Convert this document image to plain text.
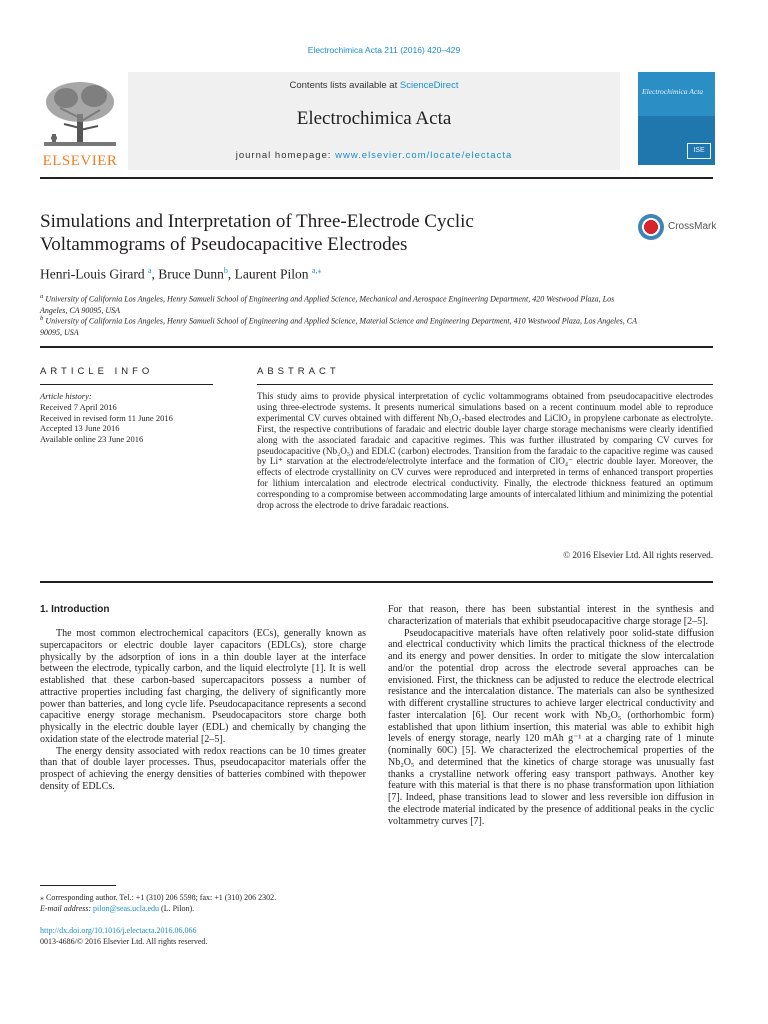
Electrochimica Acta 211 (2016) 420–429
ELSEVIER
Contents lists available at ScienceDirect
Electrochimica Acta
journal homepage: www.elsevier.com/locate/electacta
Electrochimica Acta
ISE
Simulations and Interpretation of Three-Electrode Cyclic Voltammograms of Pseudocapacitive Electrodes
CrossMark
Henri-Louis Girard $^a$, Bruce Dunn$^b$, Laurent Pilon $^{a,⁎}$
$^a$ University of California Los Angeles, Henry Samueli School of Engineering and Applied Science, Mechanical and Aerospace Engineering Department, 420 Westwood Plaza, Los Angeles, CA 90095, USA
$^b$ University of California Los Angeles, Henry Samueli School of Engineering and Applied Science, Material Science and Engineering Department, 410 Westwood Plaza, Los Angeles, CA 90095, USA
ARTICLE INFO	ABSTRACT
Article history:
Received 7 April 2016
Received in revised form 11 June 2016
Accepted 13 June 2016
Available online 23 June 2016
This study aims to provide physical interpretation of cyclic voltammograms obtained from pseudocapacitive electrodes using three-electrode systems. It presents numerical simulations based on a recent continuum model able to reproduce experimental CV curves obtained with different Nb₂O₅-based electrodes and LiClO₄ in propylene carbonate as electrolyte. First, the respective contributions of faradaic and electric double layer charge storage mechanisms were clearly identified along with the associated faradaic and capacitive regimes. This was further illustrated by comparing CV curves for pseudocapacitive (Nb₂O₅) and EDLC (carbon) electrodes. Transition from the faradaic to the capacitive regime was caused by Li⁺ starvation at the electrode/electrolyte interface and the formation of ClO₄⁻ electric double layer. Moreover, the effects of electrode crystallinity on CV curves were reproduced and interpreted in terms of enhanced transport properties for lithium intercalation and electrode electrical conductivity. Finally, the electrode thickness featured an optimum corresponding to a compromise between accommodating large amounts of intercalated lithium and minimizing the potential drop across the electrode to drive faradaic reactions.
© 2016 Elsevier Ltd. All rights reserved.
1. Introduction

The most common electrochemical capacitors (ECs), generally known as supercapacitors or electric double layer capacitors (EDLCs), store charge physically by the adsorption of ions in a thin double layer at the interface between the electrode, typically carbon, and the liquid electrolyte [1]. It is well established that these carbon-based supercapacitors possess a number of attractive properties including fast charging, the delivery of significantly more power than batteries, and long cycle life. Pseudocapacitance represents a second capacitive energy storage mechanism. Pseudocapacitors store charge both physically in the electric double layer (EDL) and chemically by changing the oxidation state of the electrode material [2–5].

The energy density associated with redox reactions can be 10 times greater than that of double layer processes. Thus, pseudocapacitor materials offer the prospect of achieving the energy densities of batteries combined with thepower density of EDLCs.

For that reason, there has been substantial interest in the synthesis and characterization of materials that exhibit pseudocapacitive charge storage [2–5].

Pseudocapacitive materials have often relatively poor solid-state diffusion and electrical conductivity which limits the practical thickness of the electrode and its energy and power densities. In order to mitigate the slow intercalation and/or the potential drop across the electrode several approaches can be envisioned. First, the thickness can be adjusted to reduce the electrode electrical resistance and the intercalation distance. The materials can also be synthesized with different crystalline structures to achieve larger electrical conductivity and faster intercalation [6]. Our recent work with Nb₂O₅ (orthorhombic form) established that upon lithium insertion, this material was able to exhibit high levels of energy storage, nearly 120 mAh g⁻¹ at a charging rate of 1 minute (nominally 60C) [5]. We characterized the electrochemical properties of the Nb₂O₅ and determined that the kinetics of charge storage was unusually fast thanks a crystalline network offering easy transport pathways. Another key feature with this material is that there is no phase transformation upon lithiation [7]. Indeed, phase transitions lead to slower and less reversible ion diffusion in the electrode material indicated by the presence of additional peaks in the cyclic voltammetry curves [7].

⁎ Corresponding author. Tel.: +1 (310) 206 5598; fax: +1 (310) 206 2302.
E-mail address: pilon@seas.ucla.edu (L. Pilon).
http://dx.doi.org/10.1016/j.electacta.2016.06.066
0013-4686/© 2016 Elsevier Ltd. All rights reserved.
